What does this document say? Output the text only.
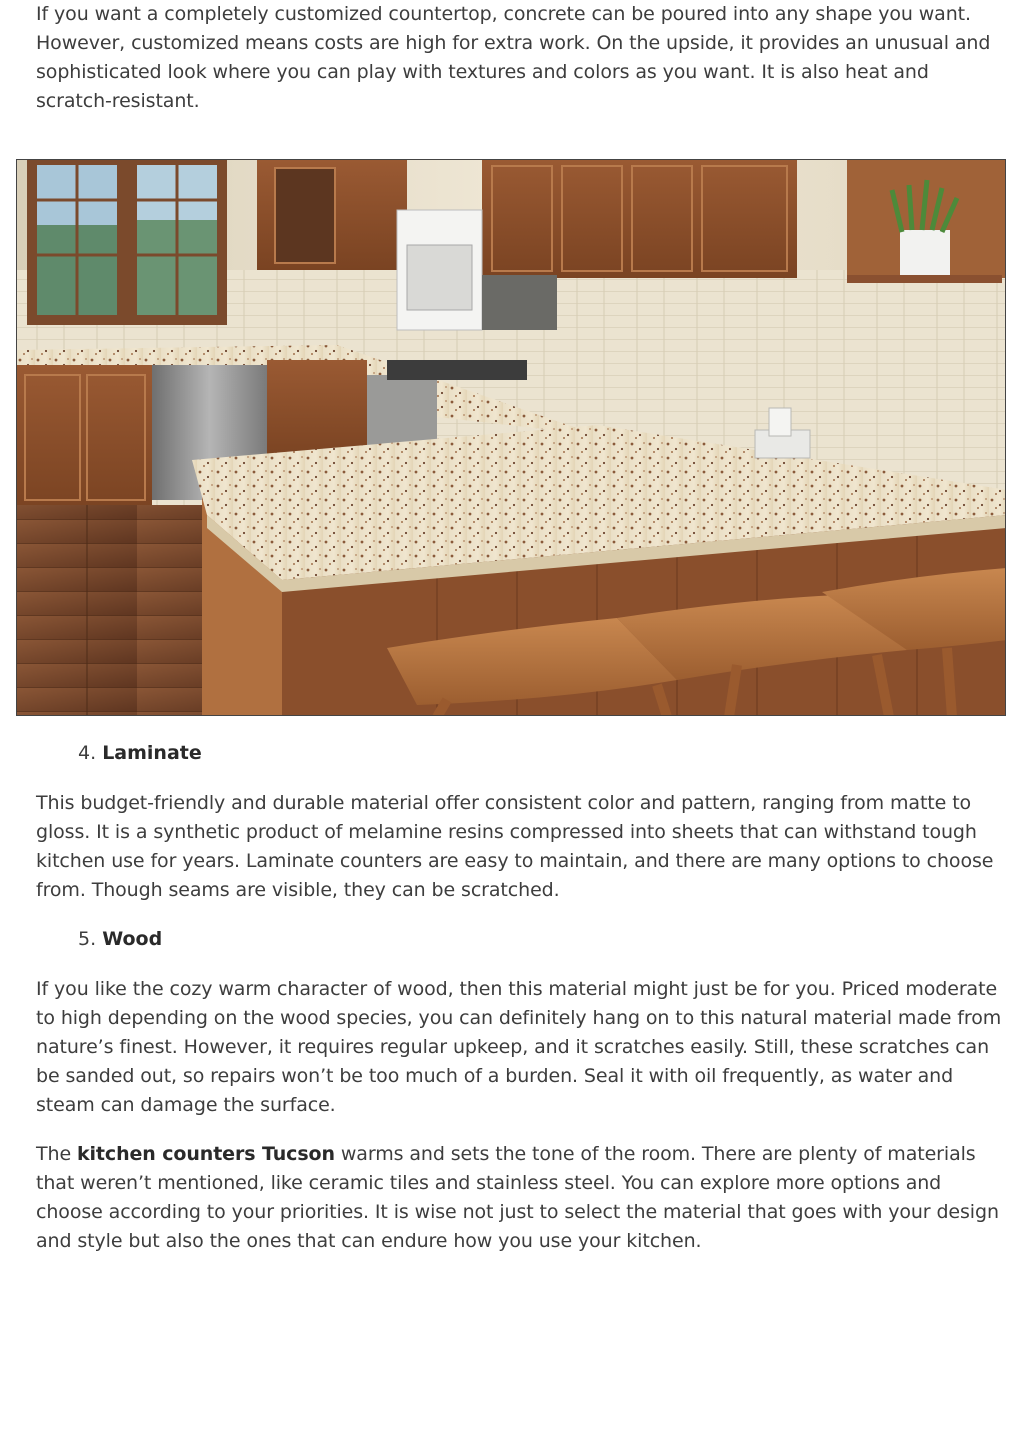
If you want a completely customized countertop, concrete can be poured into any shape you want. However, customized means costs are high for extra work. On the upside, it provides an unusual and sophisticated look where you can play with textures and colors as you want. It is also heat and scratch-resistant.

4. Laminate

This budget-friendly and durable material offer consistent color and pattern, ranging from matte to gloss. It is a synthetic product of melamine resins compressed into sheets that can withstand tough kitchen use for years. Laminate counters are easy to maintain, and there are many options to choose from. Though seams are visible, they can be scratched.

5. Wood

If you like the cozy warm character of wood, then this material might just be for you. Priced moderate to high depending on the wood species, you can definitely hang on to this natural material made from nature’s finest. However, it requires regular upkeep, and it scratches easily. Still, these scratches can be sanded out, so repairs won’t be too much of a burden. Seal it with oil frequently, as water and steam can damage the surface.

The kitchen counters Tucson warms and sets the tone of the room. There are plenty of materials that weren’t mentioned, like ceramic tiles and stainless steel. You can explore more options and choose according to your priorities. It is wise not just to select the material that goes with your design and style but also the ones that can endure how you use your kitchen.
